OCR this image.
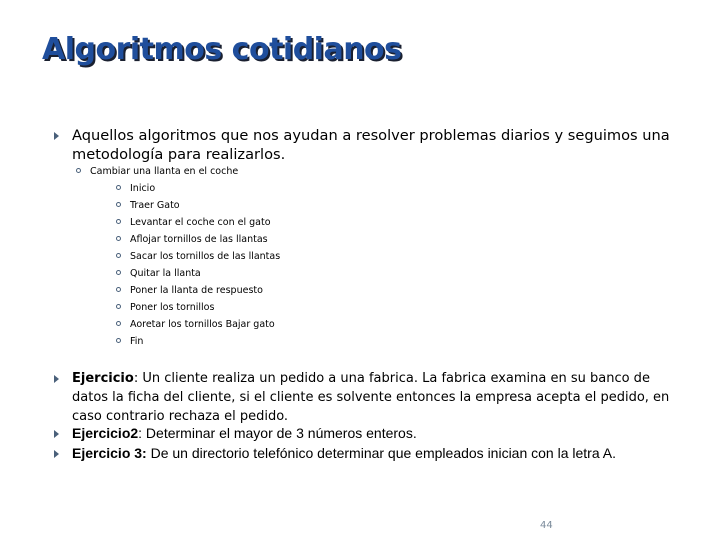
Algoritmos cotidianos
Aquellos algoritmos que nos ayudan a resolver problemas diarios y seguimos una metodología para realizarlos.
Cambiar una llanta en el coche
Inicio
Traer Gato
Levantar el coche con el gato
Aflojar tornillos de las llantas
Sacar los tornillos de las llantas
Quitar la llanta
Poner la llanta de respuesto
Poner los tornillos
Aoretar los tornillos Bajar gato
Fin
Ejercicio: Un cliente realiza un pedido a una fabrica. La fabrica examina en su banco de datos la ficha del cliente, si el cliente es solvente entonces la empresa acepta el pedido, en caso contrario rechaza el pedido.
Ejercicio2: Determinar el mayor de 3 números enteros.
Ejercicio 3: De un directorio telefónico determinar que empleados inician con la letra A.
44
